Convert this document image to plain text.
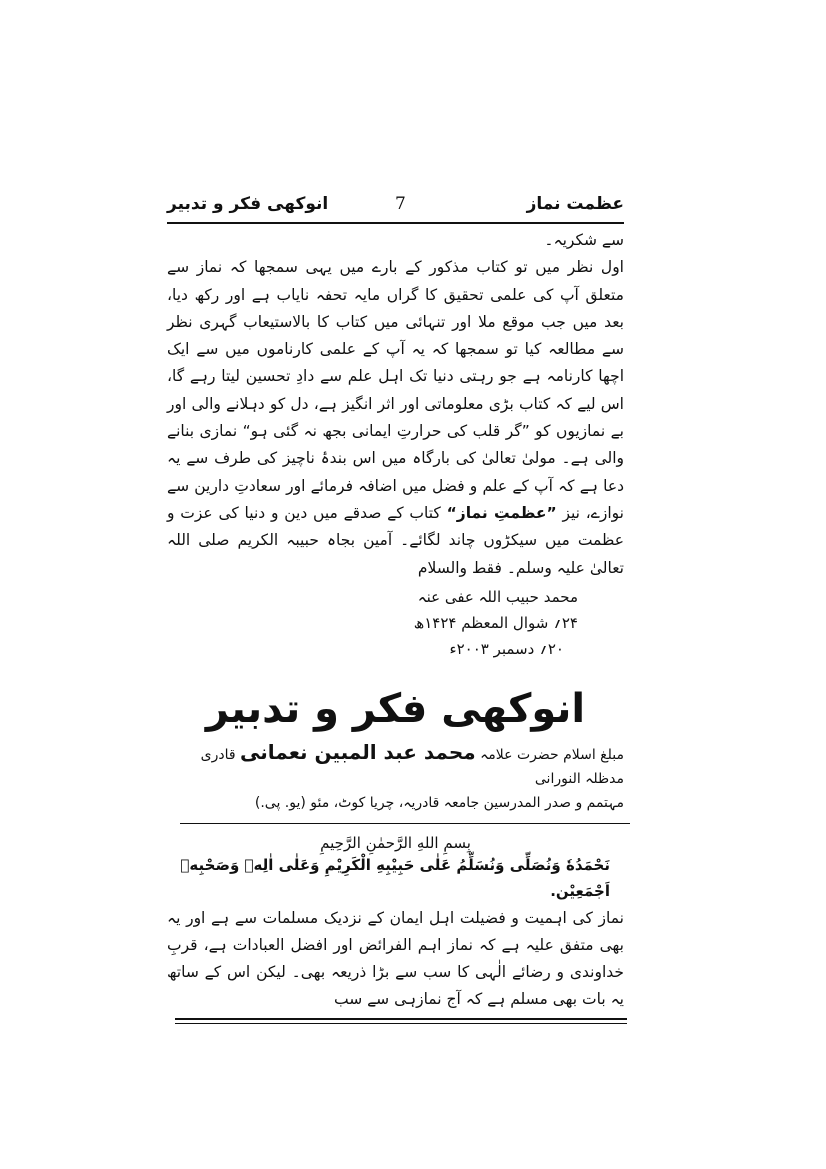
عظمت نماز
7
انوکھی فکر و تدبیر

سے شکریہ۔

اول نظر میں تو کتاب مذکور کے بارے میں یہی سمجھا کہ نماز سے متعلق آپ کی علمی تحقیق کا گراں مایہ تحفہ نایاب ہے اور رکھ دیا، بعد میں جب موقع ملا اور تنہائی میں کتاب کا بالاستیعاب گہری نظر سے مطالعہ کیا تو سمجھا کہ یہ آپ کے علمی کارناموں میں سے ایک اچھا کارنامہ ہے جو رہتی دنیا تک اہل علم سے دادِ تحسین لیتا رہے گا، اس لیے کہ کتاب بڑی معلوماتی اور اثر انگیز ہے، دل کو دہلانے والی اور بے نمازیوں کو ”گر قلب کی حرارتِ ایمانی بجھ نہ گئی ہو“ نمازی بنانے والی ہے۔ مولیٰ تعالیٰ کی بارگاہ میں اس بندۂ ناچیز کی طرف سے یہ دعا ہے کہ آپ کے علم و فضل میں اضافہ فرمائے اور سعادتِ دارین سے نوازے، نیز ”عظمتِ نماز“ کتاب کے صدقے میں دین و دنیا کی عزت و عظمت میں سیکڑوں چاند لگائے۔ آمین بجاہ حبیبہ الکریم صلی اللہ تعالیٰ علیہ وسلم۔ فقط والسلام

محمد حبیب اللہ عفی عنہ
۲۴؍ شوال المعظم ۱۴۲۴ھ
۲۰؍ دسمبر ۲۰۰۳ء
انوکھی فکر و تدبیر
مبلغ اسلام حضرت علامہ محمد عبد المبین نعمانی قادری مدظلہ النورانی
مہتمم و صدر المدرسین جامعہ قادریہ، چریا کوٹ، مئو (یو. پی.)
بِسمِ اللهِ الرَّحمٰنِ الرَّحِيمِ
نَحْمَدُهٗ وَنُصَلِّی وَنُسَلِّمُ عَلٰی حَبِیْبِهِ الْکَرِیْمِ وَعَلٰی اٰلِهٖ وَصَحْبِهٖ اَجْمَعِیْن.
نماز کی اہمیت و فضیلت اہل ایمان کے نزدیک مسلمات سے ہے اور یہ بھی متفق علیہ ہے کہ نماز اہم الفرائض اور افضل العبادات ہے، قربِ خداوندی و رضائے الٰہی کا سب سے بڑا ذریعہ بھی۔ لیکن اس کے ساتھ یہ بات بھی مسلم ہے کہ آج نمازہی سے سب
